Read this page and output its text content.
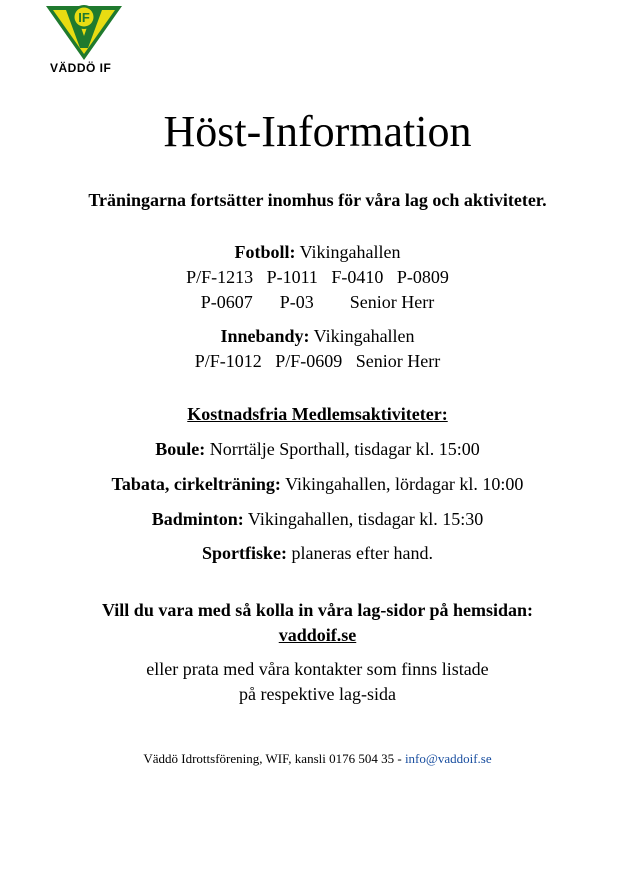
IF
VÄDDÖ IF
Höst-Information
Träningarna fortsätter inomhus för våra lag och aktiviteter.
Fotboll: Vikingahallen
P/F-1213   P-1011   F-0410   P-0809
P-0607      P-03        Senior Herr
Innebandy: Vikingahallen
P/F-1012   P/F-0609   Senior Herr
Kostnadsfria Medlemsaktiviteter:
Boule: Norrtälje Sporthall, tisdagar kl. 15:00
Tabata, cirkelträning: Vikingahallen, lördagar kl. 10:00
Badminton: Vikingahallen, tisdagar kl. 15:30
Sportfiske: planeras efter hand.
Vill du vara med så kolla in våra lag-sidor på hemsidan:
vaddoif.se
eller prata med våra kontakter som finns listade
på respektive lag-sida
Väddö Idrottsförening, WIF, kansli 0176 504 35 - info@vaddoif.se
